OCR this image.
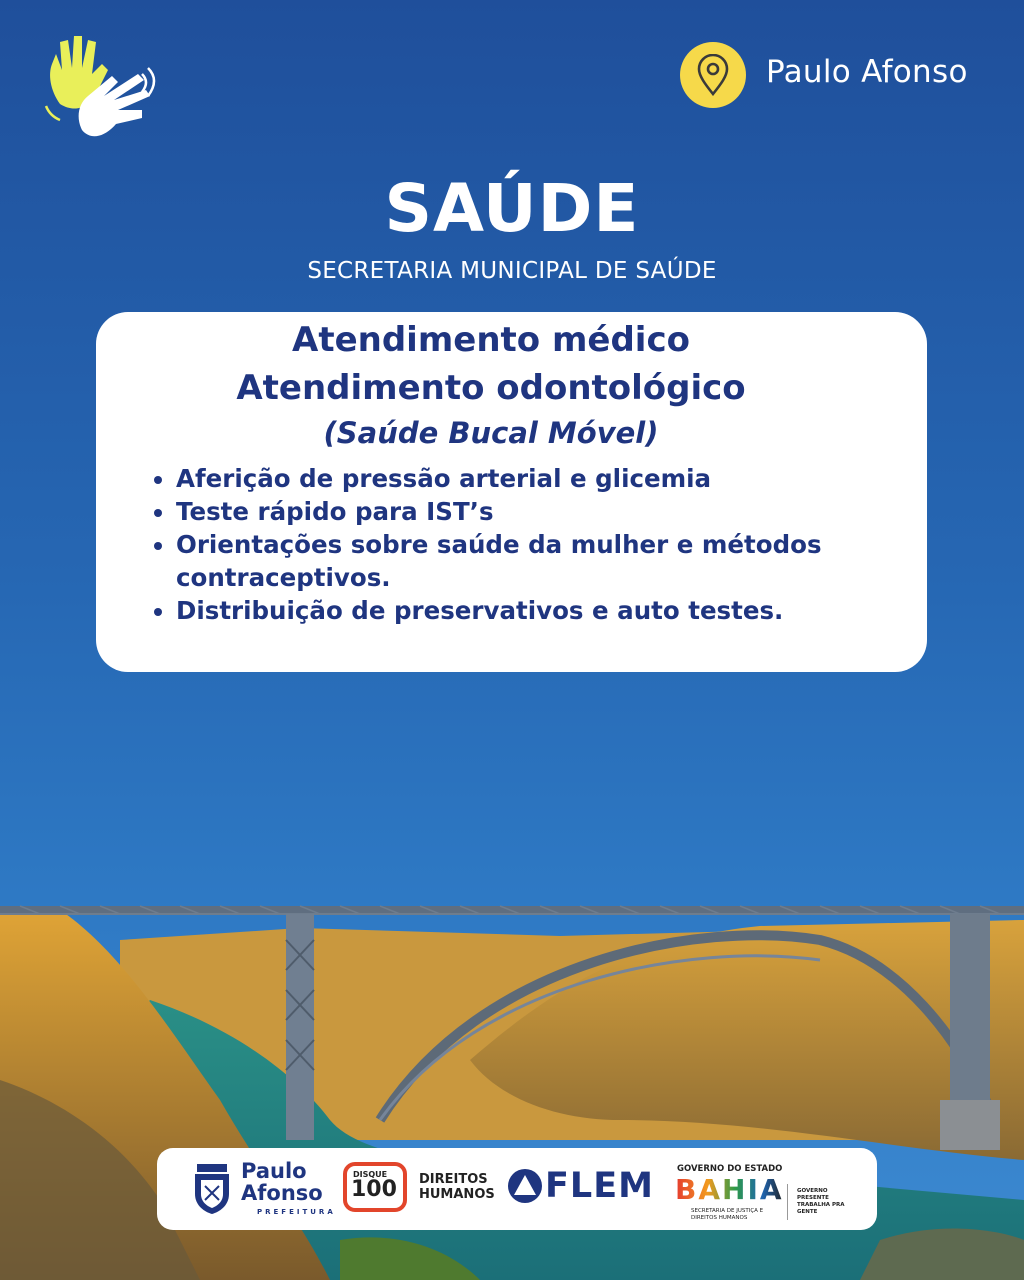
Paulo Afonso
SAÚDE
SECRETARIA MUNICIPAL DE SAÚDE
Atendimento médico
Atendimento odontológico
(Saúde Bucal Móvel)
Aferição de pressão arterial e glicemia
Teste rápido para IST’s
Orientações sobre saúde da mulher e métodos contraceptivos.
Distribuição de preservativos e auto testes.
Paulo Afonso
PREFEITURA
DISQUE
100 DIREITOS HUMANOS FLEM	GOVERNO DO ESTADO
BAHIA
SECRETARIA DE JUSTIÇA E DIREITOS HUMANOS
GOVERNO PRESENTE TRABALHA PRA GENTE
